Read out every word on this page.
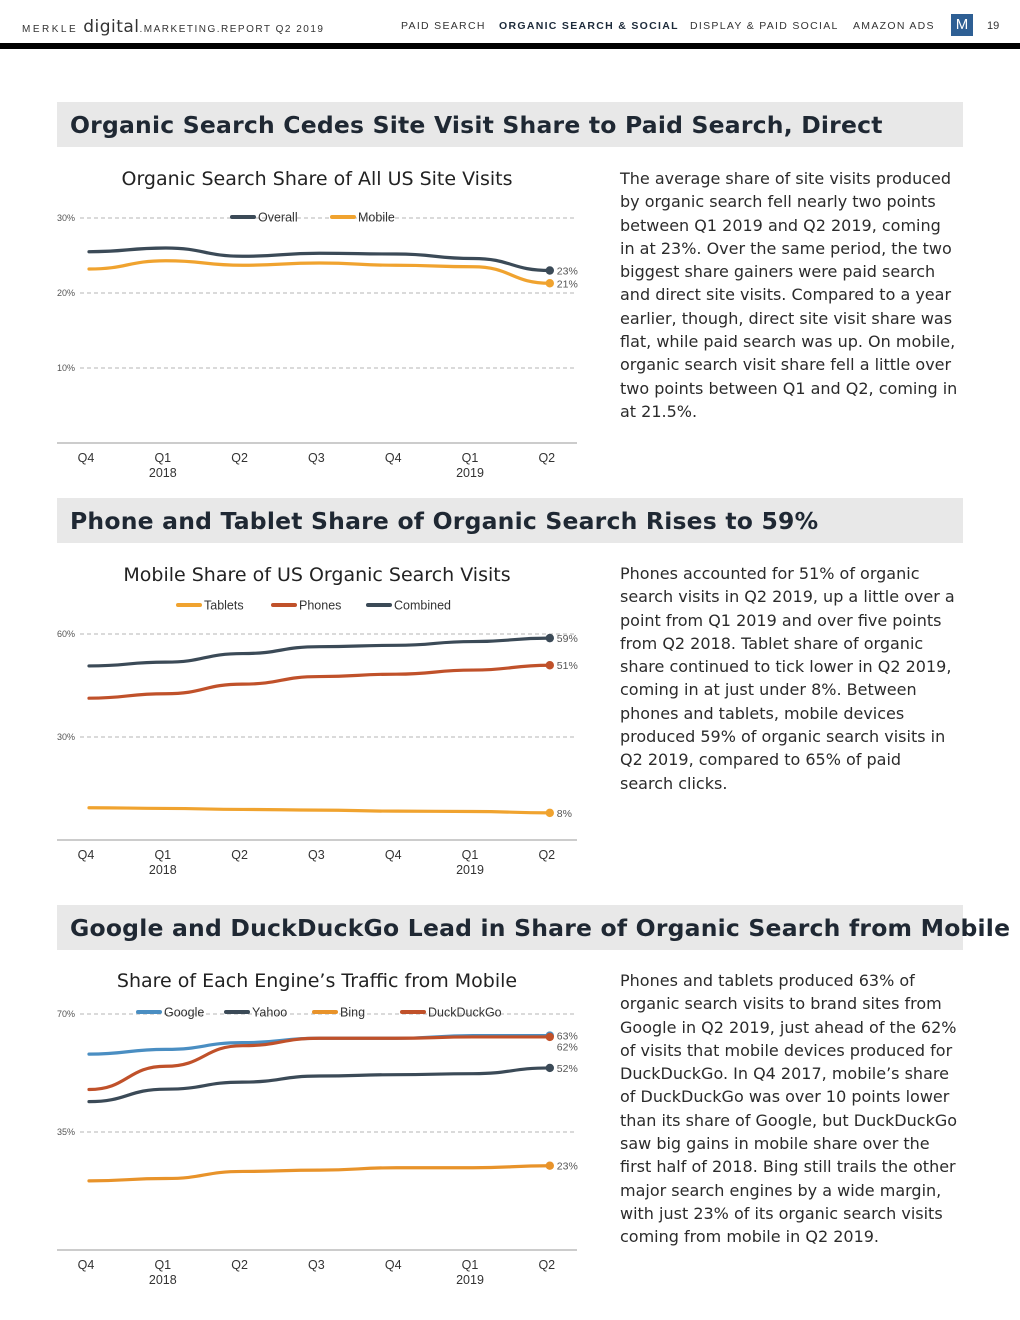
MERKLE digital.MARKETING.REPORT Q2 2019	PAID SEARCH ORGANIC SEARCH & SOCIAL DISPLAY & PAID SOCIAL AMAZON ADS	M	19
Organic Search Cedes Site Visit Share to Paid Search, Direct
Organic Search Share of All US Site Visits
10%
20%
30%
Q4	Q1
2018
Q2	Q3	Q4	Q1
2019
Q2
Overall	Mobile
23%
21%
The average share of site visits produced by organic search fell nearly two points between Q1 2019 and Q2 2019, coming in at 23%. Over the same period, the two biggest share gainers were paid search and direct site visits. Compared to a year earlier, though, direct site visit share was flat, while paid search was up. On mobile, organic search visit share fell a little over two points between Q1 and Q2, coming in at 21.5%.
Phone and Tablet Share of Organic Search Rises to 59%
Mobile Share of US Organic Search Visits
30%
60%
Q4	Q1
2018
Q2	Q3	Q4	Q1
2019
Q2
Tablets	Phones	Combined
59%
51%
8%
Phones accounted for 51% of organic search visits in Q2 2019, up a little over a point from Q1 2019 and over five points from Q2 2018. Tablet share of organic share continued to tick lower in Q2 2019, coming in at just under 8%. Between phones and tablets, mobile devices produced 59% of organic search visits in Q2 2019, compared to 65% of paid search clicks.
Google and DuckDuckGo Lead in Share of Organic Search from Mobile
Share of Each Engine’s Traffic from Mobile
35%
70%
Q4	Q1
2018
Q2	Q3	Q4	Q1
2019
Q2
Google	Yahoo	Bing	DuckDuckGo
63%
62%
52%
23%
Phones and tablets produced 63% of organic search visits to brand sites from Google in Q2 2019, just ahead of the 62% of visits that mobile devices produced for DuckDuckGo. In Q4 2017, mobile’s share of DuckDuckGo was over 10 points lower than its share of Google, but DuckDuckGo saw big gains in mobile share over the first half of 2018. Bing still trails the other major search engines by a wide margin, with just 23% of its organic search visits coming from mobile in Q2 2019.
